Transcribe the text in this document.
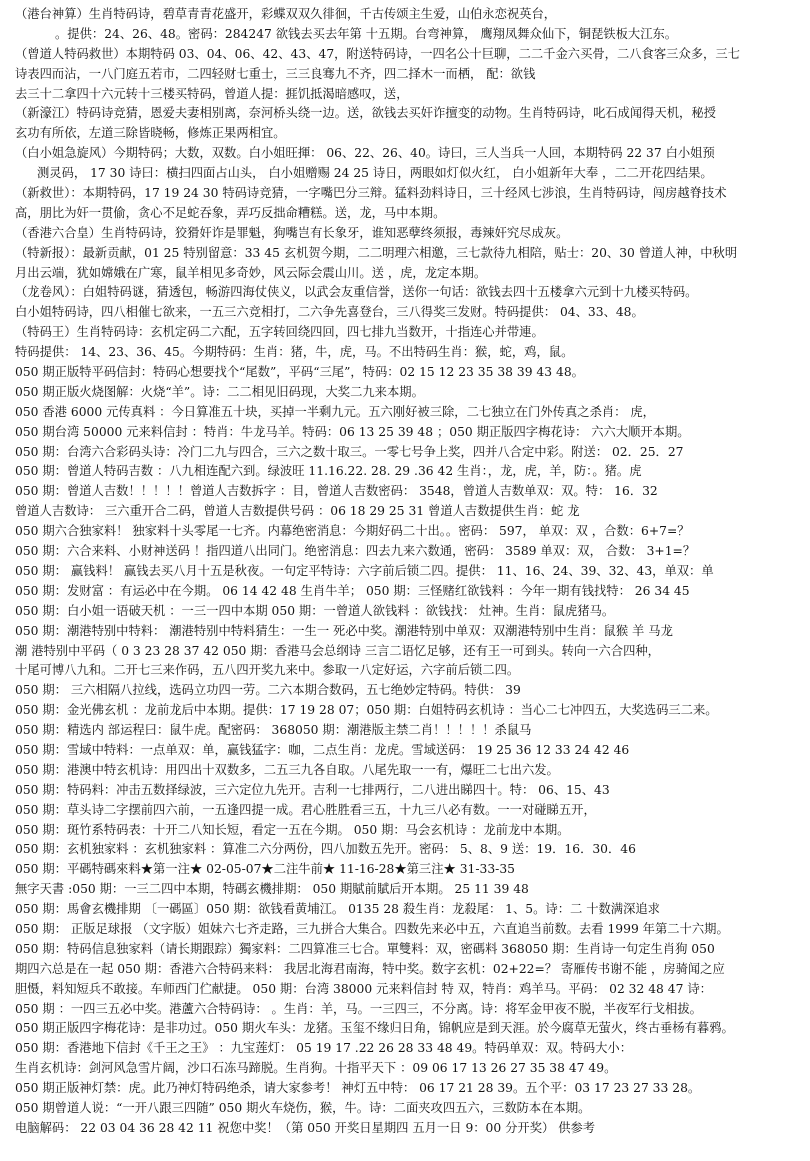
（港台神算）生肖特码诗，碧草青青花盛开，彩蝶双双久徘徊，千古传颂主生爱，山伯永恋祝英台，
。提供：24、26、48。密码：284247 欲钱去买去年第 十五期。台弯神算， 鹰翔凤舞众仙下，铜琵铁板大江东。
（曾道人特码救世）本期特码 03、04、06、42、43、47，附送特码诗，一四名公十巨聊，二二千金六买骨，二八食客三众多，三七
诗表四而沾，一八门庭五若市，二四轻财七重士，三三良骞九不齐，四二择木一而栖， 配：欲钱
去三十二拿四十六元转十三楼买特码，曾道人提：捱饥抵渴暗感叹，送，
（新濠江）特码诗竞猜，恩爱夫妻相别离，奈河桥头绕一边。送，欲钱去买奸诈擅变的动物。生肖特码诗，叱石成闻得天机，秘授
玄功有所依，左道三除皆晓畅，修炼正果两相宜。
（白小姐急旋风）今期特码；大数，双数。白小姐旺揮： 06、22、26、40。诗曰，三人当兵一人回，本期特码 22 37 白小姐预
测灵码， 17 30 诗曰：横扫四面占山头， 白小姐赠赐 24 25 诗日，两眼如灯似火红， 白小姐新年大奉 ，二二开花四结果。
（新救世）：本期特码，17 19 24 30 特码诗竞猜，一字嘴巴分三辩。猛料劲料诗日，三十经风七涉浪，生肖特码诗，闯房越脊技术
高，朋比为奸一贯偷，贪心不足蛇吞象，弄巧反拙命糟糕。送，龙，马中本期。
（香港六合皇）生肖特码诗，狡猾奸诈是罪魁，狗嘴岂有长象牙，谁知恶孽终须报，毒辣奸究尽成灰。
（特新报）：最新贡献，01 25 特别留意：33 45 玄机贺今期，二二明理六相邀，三七款待九相陪，贴士：20、30 曾道人神，中秋明
月出云端，犹如嫦娥在广寒，鼠羊相见多奇妙，风云际会震山川。送 ，虎，龙定本期。
（龙卷风）：白姐特码谜，猜透包，畅游四海仗侠义，以武会友重信誉，送你一句话：欲钱去四十五楼拿六元到十九楼买特码。
白小姐特码诗，四八相催七欲来，一五三六竞相打，二六争先喜登台，三八得奖三发财。特码提供： 04、33、48。
（特码王）生肖特码诗：玄机定码二六配，五字转回绕四回，四七排九当数开，十指连心并带連。
特码提供： 14、23、36、45。今期特码：生肖：猪，牛，虎，马。不出特码生肖：猴，蛇，鸡，鼠。
050 期正版特平码信封：特码心想要找个“尾数”，平码“三尾”，特码：02 15 12 23 35 38 39 43 48。
050 期正版火烧图解：火烧“羊”。诗：二二相见旧码现，大奖二九来本期。
050 香港 6000 元传真料 ：今日算准五十块，买掉一半剩九元。五六刚好被三除，二七独立在门外传真之杀肖： 虎，
050 期台湾 50000 元来料信封 ：特肖：牛龙马羊。特码：06 13 25 39 48 ；050 期正版四字梅花诗： 六六大顺开本期。
050 期：台湾六合彩码头诗：冷门二九与四合，三六之数十取三。一零七号争上奖，四并八合定中彩。附送： 02．25．27
050 期：曾道人特码吉数 ：八九相连配六到。绿波旺 11.16.22. 28. 29 .36 42 生肖：，龙，虎，羊，防：。猪。虎
050 期：曾道人吉数！！！！！曾道人吉数拆字 ：目，曾道人吉数密码： 3548，曾道人吉数单双：双。特： 16．32
曾道人吉数诗： 三六重开合二码，曾道人吉数提供号码 ：06 18 29 25 31 曾道人吉数提供生肖：蛇 龙
050 期六合独家料！ 独家料十头零尾一七齐。内幕绝密消息：今期好码二十出。。密码： 597， 单双：双 ，合数：6+7=？
050 期：六合来料、小财神送码 ！指四道八出同门。绝密消息：四去九来六数通，密码： 3589 单双：双， 合数： 3+1=？
050 期： 赢钱料！ 赢钱去买八月十五是秋夜。一句定平特诗：六字前后锁二四。提供： 11、16、24、39、32、43，单双：单
050 期：发财富 ：有运必中在今期。 06 14 42 48 生肖牛羊； 050 期：三怪赌红欲钱料 ：今年一期有钱找特： 26 34 45
050 期：白小姐一语破天机 ：一三一四中本期 050 期：一曾道人欲钱料 ：欲钱找： 灶神。生肖：鼠虎猪马。
050 期：潮港特别中特料： 潮港特别中特料猜生：一生一 死必中奖。潮港特别中单双：双潮港特别中生肖：鼠猴 羊 马龙
潮 港特别中平码（ 0 3 23 28 37 42 050 期：香港马会总纲诗 三言二语忆足够，还有王一可到头。转向一六合四种，
十尾可博八九和。二开七三来作码，五八四开奖九来中。参取一八定好运，六字前后锁二四。
050 期： 三六相隔八拉线，选码立功四一劳。二六本期合数码，五七绝妙定特码。特供： 39
050 期：金光佛玄机 ：龙前龙后中本期。提供：17 19 28 07；050 期：白姐特码玄机诗 ：当心二七冲四五，大奖选码三二来。
050 期：精选内 部运程曰：鼠牛虎。配密码： 368050 期：潮港版主禁二肖！！！！！杀鼠马
050 期：雪域中特料：一点单双：单，赢钱猛字：咖，二点生肖：龙虎。雪域送码： 19 25 36 12 33 24 42 46
050 期：港澳中特玄机诗：用四出十双数多，二五三九各自取。八尾先取一一有，爆旺二七出六发。
050 期：特码料：冲击五数择绿波，三六定位九先开。吉利一七排两行，二八进出睇四十。特： 06、15、43
050 期：草头诗二字摆前四六前，一五逢四提一成。君心胜胜看三五，十九三八必有数。一一对碰睇五开，
050 期：斑竹系特码表：十开二八知长短，看定一五在今期。 050 期：马会玄机诗 ：龙前龙中本期。
050 期：玄机独家料 ：玄机独家料 ：算准二六分两份，四八加数五先开。密码： 5、8、9 送：19．16．30．46
050 期：平碼特碼來料★第一注★ 02-05-07★二注牛前★ 11-16-28★第三注★ 31-33-35
無字天書 :050 期：一三二四中本期，特碼玄機排期： 050 期賦前賦后开本期。 25 11 39 48
050 期：馬會玄機排期 〔一碼區〕050 期：欲钱看黄埔江。 0135 28 殺生肖：龙殺尾： 1、5。诗：二 十数满深追求
050 期： 正版足球报 （文字版）姐妹六七齐走路，三九拼合大集合。四数先来必中五，六直追当前数。去看 1999 年第二十六期。
050 期：特码信息独家料（请长期跟踪）獨家料：二四算准三七合。單雙料：双，密碼料 368050 期：生肖诗一句定生肖狗 050
期四六总是在一起 050 期：香港六合特码来料： 我居北海君南海，特中奖。数字玄机：02+22=？ 寄雁传书谢不能 ，房骑闻之应
胆慑，料知短兵不敢接。车师西门伫献捷。 050 期：台湾 38000 元来料信封 特 双，特肖：鸡羊马。平码： 02 32 48 47 诗：
050 期 ：一四三五必中奖。港蘆六合特码诗： 。生肖：羊，马。一三四三，不分离。诗：将军金甲夜不脱，半夜军行戈相拔。
050 期正版四字梅花诗：是非功过。050 期火车头：龙猪。玉玺不缘归日角，锦帆应是到天涯。於今腐草无萤火，终古垂杨有暮鸦。
050 期：香港地下信封《千王之王》 ：九宝莲灯： 05 19 17 .22 26 28 33 48 49。特码单双：双。特码大小：
生肖玄机诗：剑河风急雪片阔，沙口石冻马蹄脱。生肖狗。十指平天下 ：09 06 17 13 26 27 35 38 47 49。
050 期正版神灯禁：虎。此乃神灯特码绝杀，请大家参考！ 神灯五中特： 06 17 21 28 39。五个平：03 17 23 27 33 28。
050 期曾道人说：“一开八跟三四随” 050 期火车烧伤，猴，牛。诗：二面夹攻四五六，三数防本在本期。
电脑解码： 22 03 04 36 28 42 11 祝您中奖！（第 050 开奖日星期四 五月一日 9：00 分开奖） 供参考
